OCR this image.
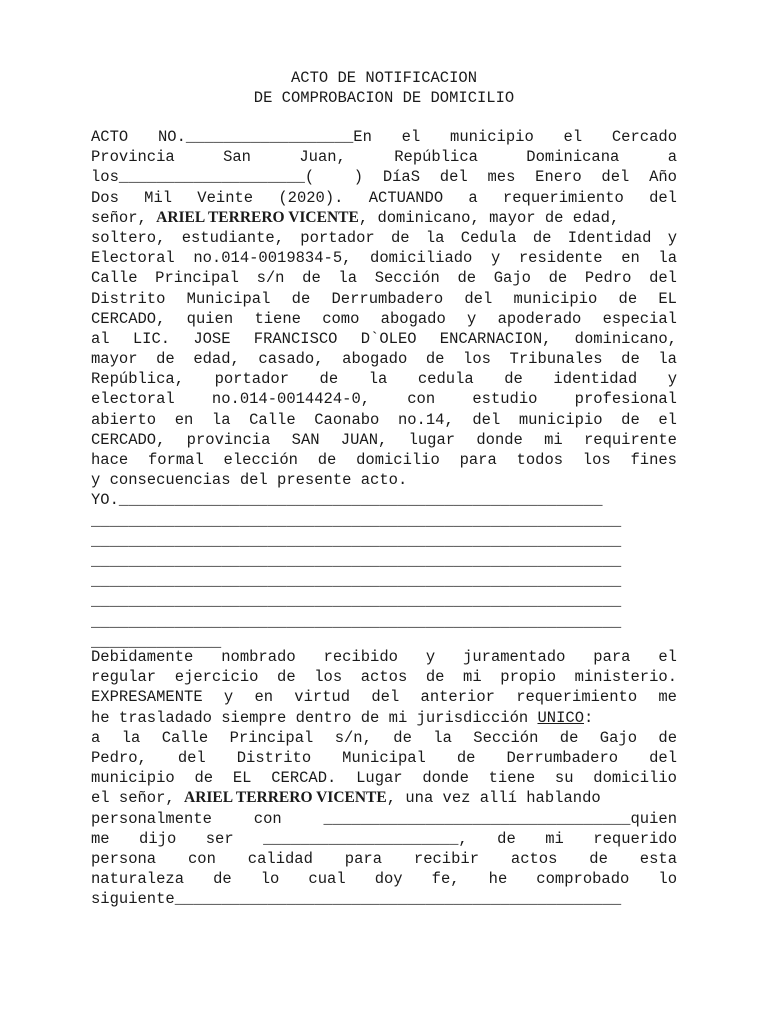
ACTO DE NOTIFICACION
DE COMPROBACION DE DOMICILIO
ACTO NO.__________________En el municipio el Cercado
Provincia San Juan, República Dominicana a
los____________________(  ) DíaS del mes Enero del Año
Dos Mil Veinte (2020). ACTUANDO a requerimiento del
señor, ARIEL TERRERO VICENTE, dominicano, mayor de edad,
soltero, estudiante, portador de la Cedula de Identidad y
Electoral no.014-0019834-5, domiciliado y residente en la
Calle Principal s/n de la Sección de Gajo de Pedro del
Distrito Municipal de Derrumbadero del municipio de EL
CERCADO, quien tiene como abogado y apoderado especial
al LIC. JOSE FRANCISCO D`OLEO ENCARNACION, dominicano,
mayor de edad, casado, abogado de los Tribunales de la
República, portador de la cedula de identidad y
electoral no.014-0014424-0, con estudio profesional
abierto en la Calle Caonabo no.14, del municipio de el
CERCADO, provincia SAN JUAN, lugar donde mi requirente
hace formal elección de domicilio para todos los fines
y consecuencias del presente acto.
YO.____________________________________________________
_________________________________________________________
_________________________________________________________
_________________________________________________________
_________________________________________________________
_________________________________________________________
_________________________________________________________
______________
Debidamente nombrado recibido y juramentado para el
regular ejercicio de los actos de mi propio ministerio.
EXPRESAMENTE y en virtud del anterior requerimiento me
he trasladado siempre dentro de mi jurisdicción UNICO:
a la Calle Principal s/n, de la Sección de Gajo de
Pedro, del Distrito Municipal de Derrumbadero del
municipio de EL CERCAD. Lugar donde tiene su domicilio
el señor, ARIEL TERRERO VICENTE, una vez allí hablando
personalmente con _________________________________quien
me dijo ser _____________________, de mi requerido
persona con calidad para recibir actos de esta
naturaleza de lo cual doy fe, he comprobado lo
siguiente________________________________________________
